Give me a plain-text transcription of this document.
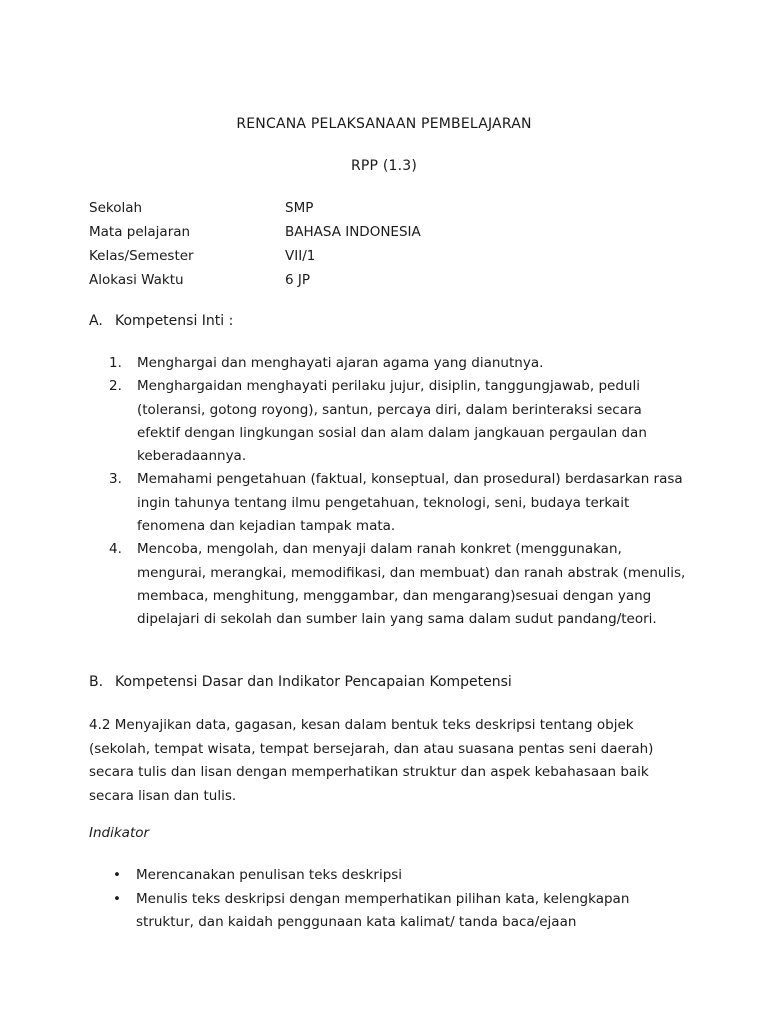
RENCANA PELAKSANAAN PEMBELAJARAN
RPP (1.3)
Sekolah	SMP
Mata pelajaran	BAHASA INDONESIA
Kelas/Semester	VII/1
Alokasi Waktu	6 JP
A. Kompetensi Inti :
1.	Menghargai dan menghayati ajaran agama yang dianutnya.
2.	Menghargaidan menghayati perilaku jujur, disiplin, tanggungjawab, peduli (toleransi, gotong royong), santun, percaya diri, dalam berinteraksi secara efektif dengan lingkungan sosial dan alam dalam jangkauan pergaulan dan keberadaannya.
3.	Memahami pengetahuan (faktual, konseptual, dan prosedural) berdasarkan rasa ingin tahunya tentang ilmu pengetahuan, teknologi, seni, budaya terkait fenomena dan kejadian tampak mata.
4.	Mencoba, mengolah, dan menyaji dalam ranah konkret (menggunakan, mengurai, merangkai, memodifikasi, dan membuat) dan ranah abstrak (menulis, membaca, menghitung, menggambar, dan mengarang)sesuai dengan yang dipelajari di sekolah dan sumber lain yang sama dalam sudut pandang/teori.
B. Kompetensi Dasar dan Indikator Pencapaian Kompetensi
4.2 Menyajikan data, gagasan, kesan dalam bentuk teks deskripsi tentang objek (sekolah, tempat wisata, tempat bersejarah, dan atau suasana pentas seni daerah) secara tulis dan lisan dengan memperhatikan struktur dan aspek kebahasaan baik secara lisan dan tulis.
Indikator
•	Merencanakan penulisan teks deskripsi
•	Menulis teks deskripsi dengan memperhatikan pilihan kata, kelengkapan struktur, dan kaidah penggunaan kata kalimat/ tanda baca/ejaan
